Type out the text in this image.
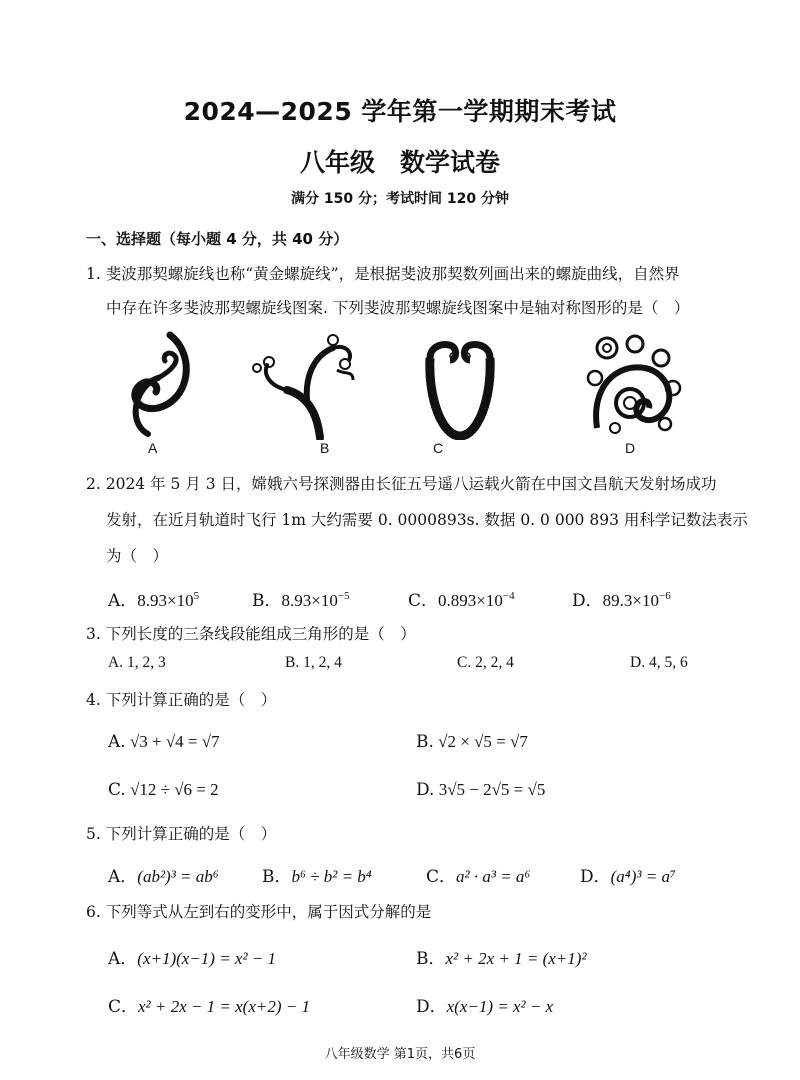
2024—2025 学年第一学期期末考试
八年级　数学试卷
满分 150 分；考试时间 120 分钟
一、选择题（每小题 4 分，共 40 分）
1. 斐波那契螺旋线也称“黄金螺旋线”，是根据斐波那契数列画出来的螺旋曲线，自然界
中存在许多斐波那契螺旋线图案. 下列斐波那契螺旋线图案中是轴对称图形的是（　）
A	B	C	D
2. 2024 年 5 月 3 日，嫦娥六号探测器由长征五号遥八运载火箭在中国文昌航天发射场成功
发射，在近月轨道时飞行 1m 大约需要 0. 0000893s. 数据 0. 0 000 893 用科学记数法表示
为（　）
A．$8.93\times 10^5$	B．$8.93\times 10^{-5}$	C．$0.893\times 10^{-4}$	D．$89.3\times 10^{-6}$
3. 下列长度的三条线段能组成三角形的是（　）
A. 1, 2, 3	B. 1, 2, 4	C. 2, 2, 4	D. 4, 5, 6
4. 下列计算正确的是（　）
A. √3 + √4 = √7	B. √2 × √5 = √7
C. √12 ÷ √6 = 2	D. 3√5 − 2√5 = √5
5. 下列计算正确的是（　）
A．(ab²)³ = ab⁶	B．b⁶ ÷ b² = b⁴	C．a² · a³ = a⁶	D．(a⁴)³ = a⁷
6. 下列等式从左到右的变形中，属于因式分解的是
A．(x+1)(x−1) = x² − 1	B．x² + 2x + 1 = (x+1)²
C．x² + 2x − 1 = x(x+2) − 1	D．x(x−1) = x² − x
八年级数学 第1页，共6页
